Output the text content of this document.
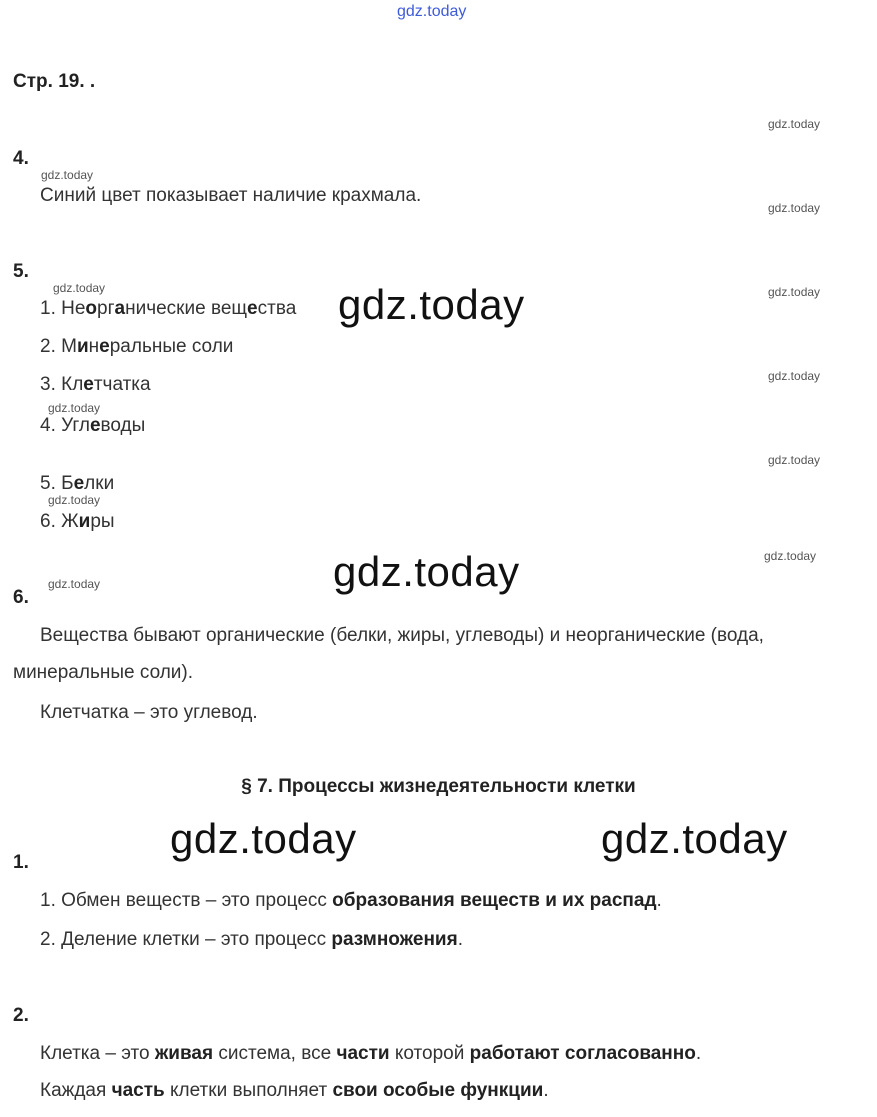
gdz.today
Стр. 19. .
gdz.today
gdz.today
gdz.today
gdz.today
gdz.today
gdz.today
gdz.today
gdz.today
gdz.today
gdz.today
gdz.today
4.
Синий цвет показывает наличие крахмала.
5.
1. Неорганические вещества
2. Минеральные соли
3. Клетчатка
4. Углеводы
5. Белки
6. Жиры
gdz.today
gdz.today
gdz.today	gdz.today
6.
Вещества бывают органические (белки, жиры, углеводы) и неорганические (вода,
минеральные соли).
Клетчатка – это углевод.
§ 7. Процессы жизнедеятельности клетки
1.
1. Обмен веществ – это процесс образования веществ и их распад.
2. Деление клетки – это процесс размножения.
2.
Клетка – это живая система, все части которой работают согласованно.
Каждая часть клетки выполняет свои особые функции.
